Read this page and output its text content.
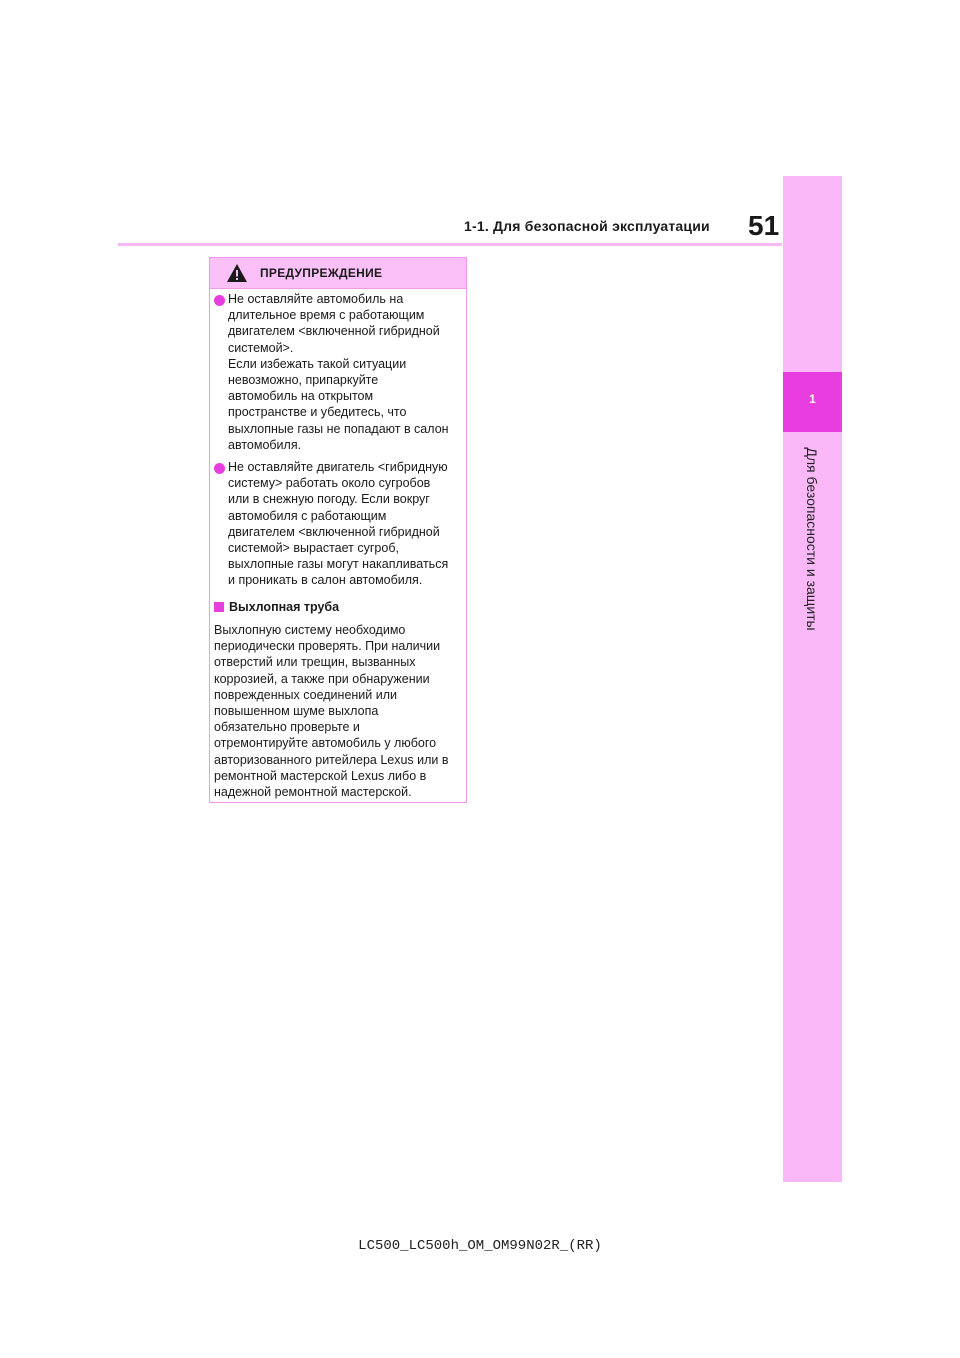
1-1. Для безопасной эксплуатации 51
1
Для безопасности и защиты
ПРЕДУПРЕЖДЕНИЕ
Не оставляйте автомобиль на
длительное время с работающим
двигателем <включенной гибридной
системой>.
Если избежать такой ситуации
невозможно, припаркуйте
автомобиль на открытом
пространстве и убедитесь, что
выхлопные газы не попадают в салон
автомобиля.
Не оставляйте двигатель <гибридную
систему> работать около сугробов
или в снежную погоду. Если вокруг
автомобиля с работающим
двигателем <включенной гибридной
системой> вырастает сугроб,
выхлопные газы могут накапливаться
и проникать в салон автомобиля.
Выхлопная труба
Выхлопную систему необходимо
периодически проверять. При наличии
отверстий или трещин, вызванных
коррозией, а также при обнаружении
поврежденных соединений или
повышенном шуме выхлопа
обязательно проверьте и
отремонтируйте автомобиль у любого
авторизованного ритейлера Lexus или в
ремонтной мастерской Lexus либо в
надежной ремонтной мастерской.
LC500_LC500h_OM_OM99N02R_(RR)
